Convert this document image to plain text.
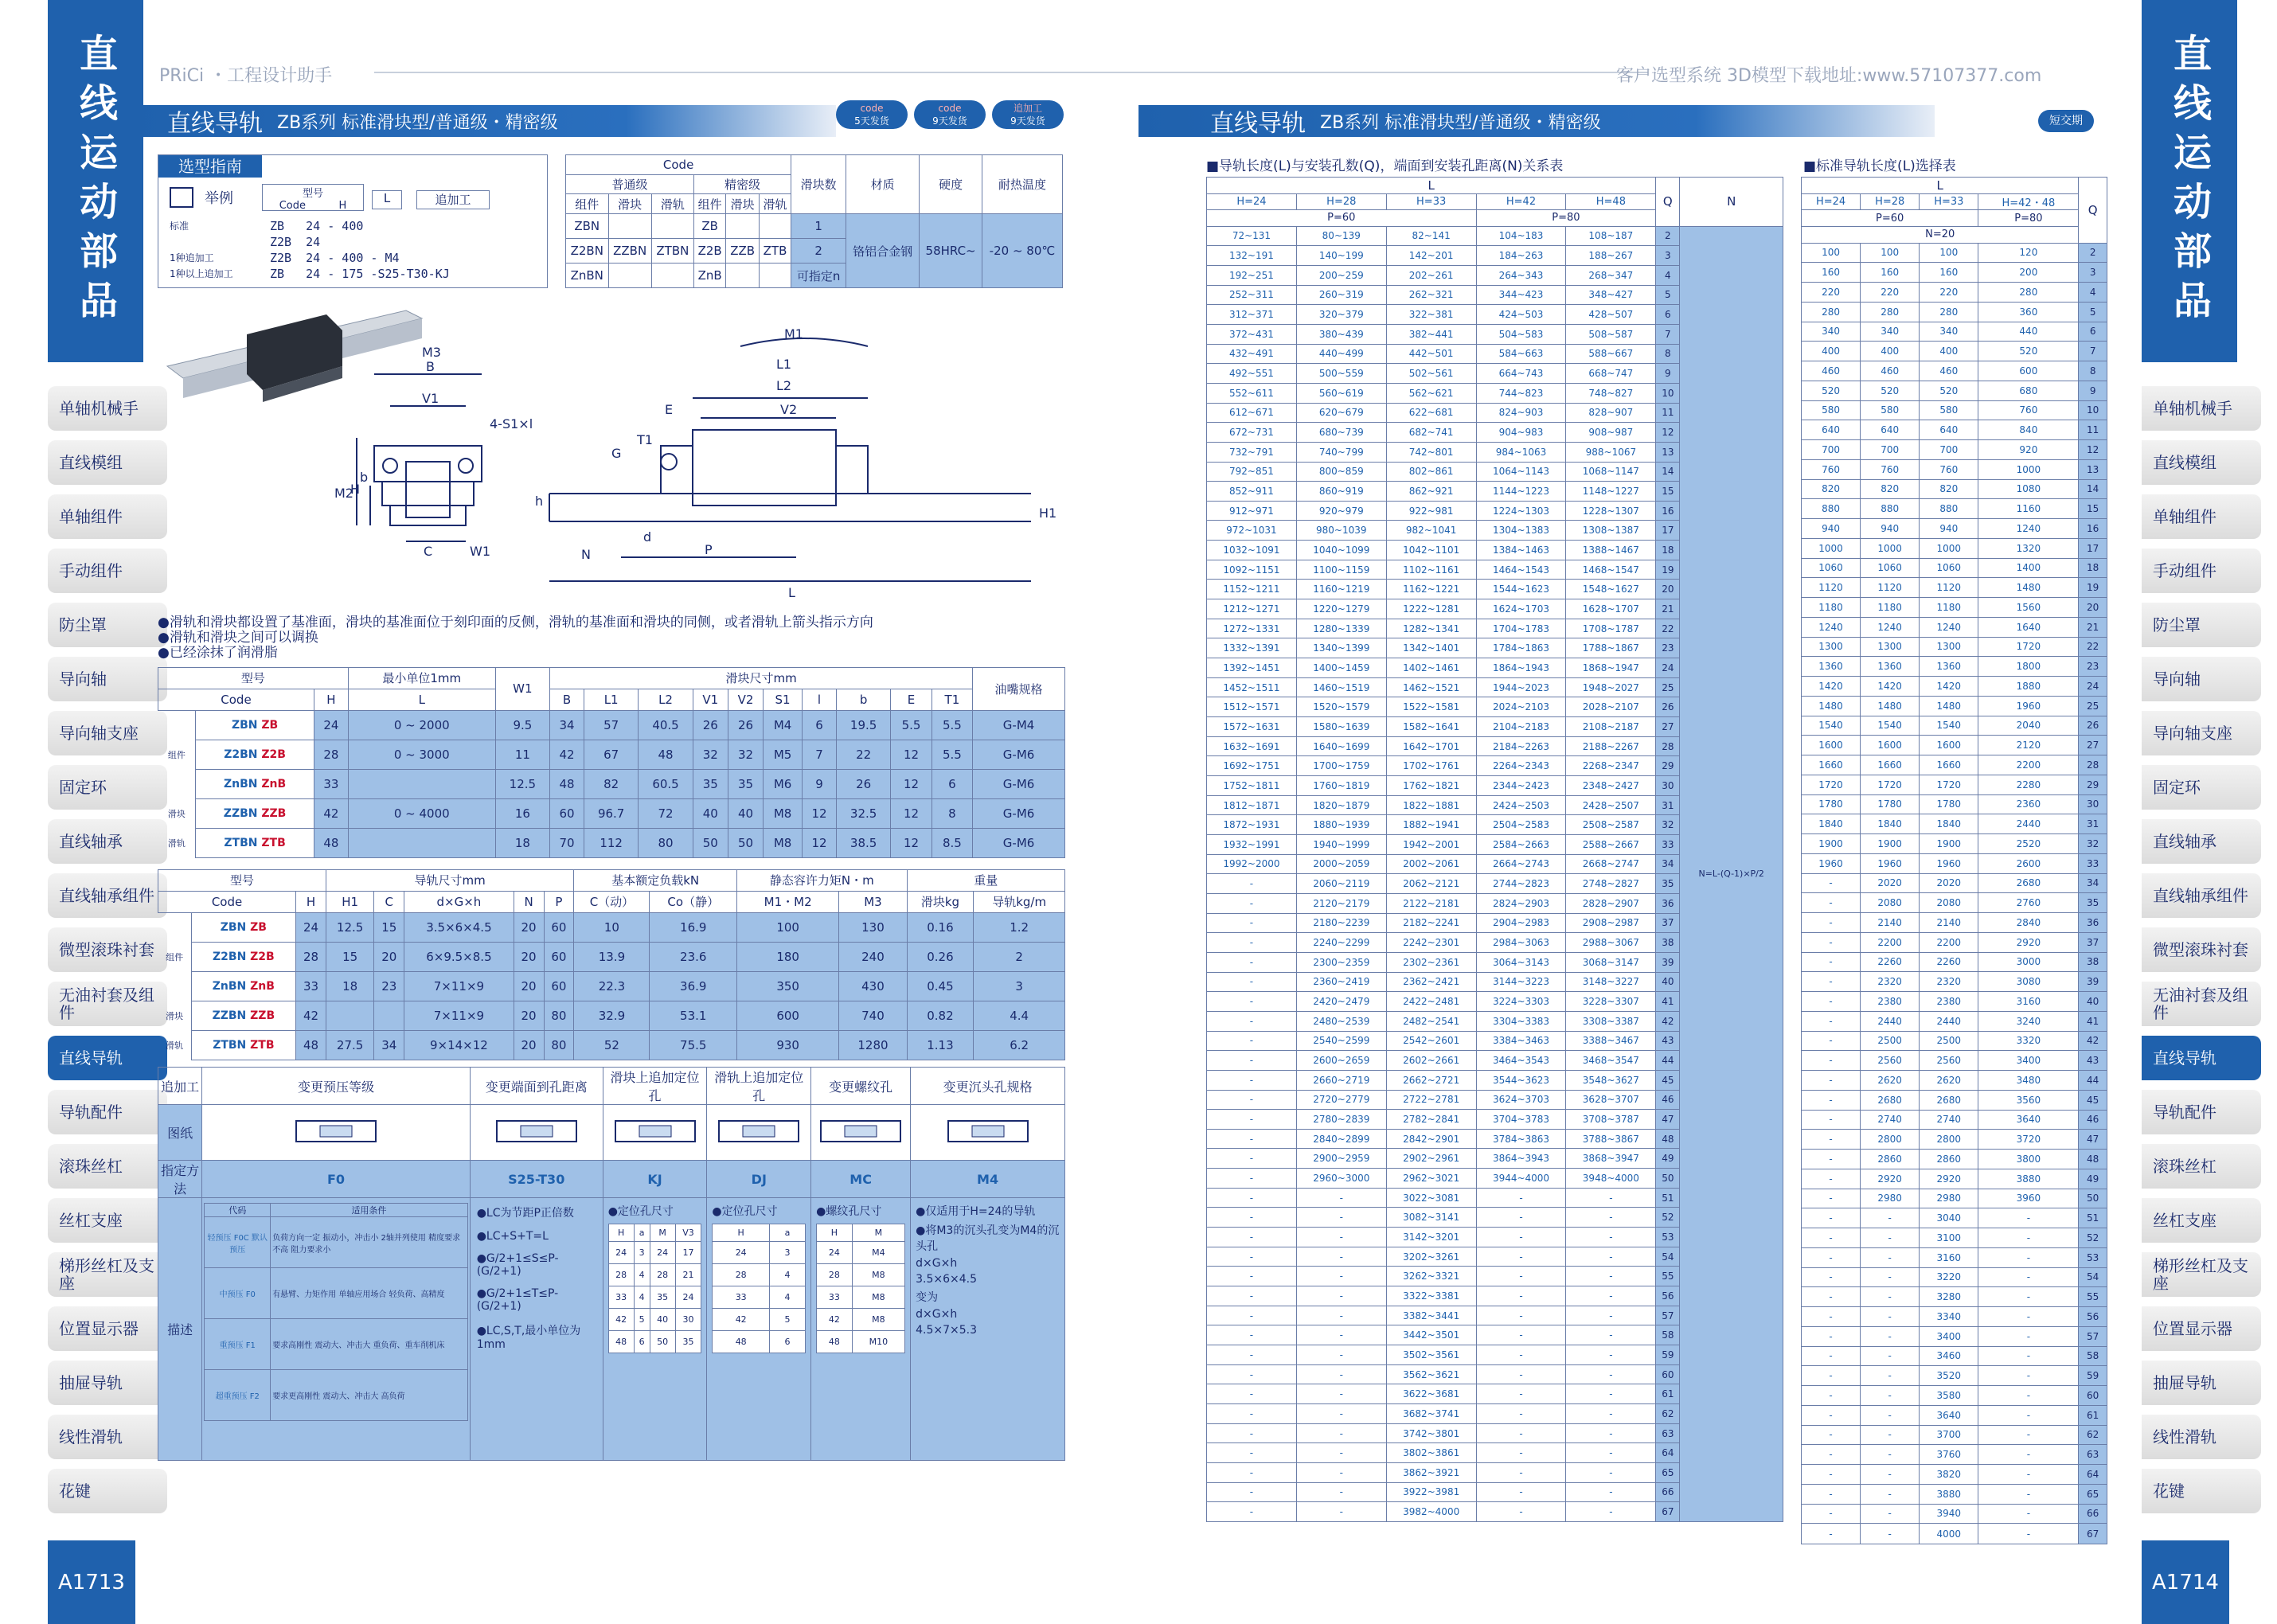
直线运动部品
单轴机械手
直线模组
单轴组件
手动组件
防尘罩
导向轴
导向轴支座
固定环
直线轴承
直线轴承组件
微型滚珠衬套
无油衬套及组件
直线导轨
导轨配件
滚珠丝杠
丝杠支座
梯形丝杠及支座
位置显示器
抽屉导轨
线性滑轨
花键
A1713
直线运动部品
单轴机械手
直线模组
单轴组件
手动组件
防尘罩
导向轴
导向轴支座
固定环
直线轴承
直线轴承组件
微型滚珠衬套
无油衬套及组件
直线导轨
导轨配件
滚珠丝杠
丝杠支座
梯形丝杠及支座
位置显示器
抽屉导轨
线性滑轨
花键
A1714
PRiCi ・工程设计助手	客户选型系统 3D模型下载地址:www.57107377.com
直线导轨 ZB系列 标准滑块型/普通级・精密级
code
5天发货
code
9天发货
追加工
9天发货
选型指南
举例	型号
Code	H
L	追加工
标准	ZB   24 - 400
Z2B  24
1种追加工	Z2B  24 - 400 - M4
1种以上追加工	ZB   24 - 175 -S25-T30-KJ
Code						滑块数	材质	硬度	耐热温度
普通级			精密级						
组件	滑块	滑轨	组件	滑块	滑轨				
ZBN			ZB			1	铬铝合金钢	58HRC~	-20 ~ 80℃
Z2BN	ZZBN	ZTBN	Z2B	ZZB	ZTB	2			
ZnBN			ZnB			可指定n			
M3
B
V1
4-S1×l
M2
H
b
C	W1
M1
L1
L2
E	V2
G
T1
h
H1
N
d
P
L
●滑轨和滑块都设置了基准面，滑块的基准面位于刻印面的反侧，滑轨的基准面和滑块的同侧，或者滑轨上箭头指示方向
●滑轨和滑块之间可以调换
●已经涂抹了润滑脂
型号			最小单位1mm	W1	滑块尺寸mm										油嘴规格
Code		H	L		B	L1	L2	V1	V2	S1	l	b	E	T1	
	ZBN ZB	24	0 ~ 2000	9.5	34	57	40.5	26	26	M4	6	19.5	5.5	5.5	G-M4
组件	Z2BN Z2B	28	0 ~ 3000	11	42	67	48	32	32	M5	7	22	12	5.5	G-M6
	ZnBN ZnB	33		12.5	48	82	60.5	35	35	M6	9	26	12	6	G-M6
滑块	ZZBN ZZB	42	0 ~ 4000	16	60	96.7	72	40	40	M8	12	32.5	12	8	G-M6
滑轨	ZTBN ZTB	48		18	70	112	80	50	50	M8	12	38.5	12	8.5	G-M6
型号			导轨尺寸mm					基本额定负载kN		静态容许力矩N・m		重量	
Code		H	H1	C	d×G×h	N	P	C（动）	Co（静）	M1・M2	M3	滑块kg	导轨kg/m
	ZBN ZB	24	12.5	15	3.5×6×4.5	20	60	10	16.9	100	130	0.16	1.2
组件	Z2BN Z2B	28	15	20	6×9.5×8.5	20	60	13.9	23.6	180	240	0.26	2
	ZnBN ZnB	33	18	23	7×11×9	20	60	22.3	36.9	350	430	0.45	3
滑块	ZZBN ZZB	42			7×11×9	20	80	32.9	53.1	600	740	0.82	4.4
滑轨	ZTBN ZTB	48	27.5	34	9×14×12	20	80	52	75.5	930	1280	1.13	6.2
追加工	变更预压等级	变更端面到孔距离	滑块上追加定位孔	滑轨上追加定位孔	变更螺纹孔	变更沉头孔规格
图纸						
指定方法	F0	S25-T30	KJ	DJ	MC	M4
描述	
代码	适用条件
轻预压 F0C 默认预压	负荷方向一定 振动小，冲击小 2轴并列使用 精度要求不高 阻力要求小
中预压 F0	有悬臂、力矩作用 单轴应用场合 轻负荷、高精度
重预压 F1	要求高刚性 震动大、冲击大 重负荷、重车削机床
超重预压 F2	要求更高刚性 震动大、冲击大 高负荷

●LC为节距P正倍数
●LC+S+T=L
●G/2+1≤S≤P-(G/2+1)
●G/2+1≤T≤P-(G/2+1)
●LC,S,T,最小单位为1mm

●定位孔尺寸
H	a	M	V3
24	3	24	17
28	4	28	21
33	4	35	24
42	5	40	30
48	6	50	35

●定位孔尺寸
H	a
24	3
28	4
33	4
42	5
48	6

●螺纹孔尺寸
H	M
24	M4
28	M8
33	M8
42	M8
48	M10

●仅适用于H=24的导轨
●将M3的沉头孔变为M4的沉头孔
d×G×h
3.5×6×4.5
变为
d×G×h
4.5×7×5.3
直线导轨 ZB系列 标准滑块型/普通级・精密级	短交期
■导轨长度(L)与安装孔数(Q)，端面到安装孔距离(N)关系表	■标准导轨长度(L)选择表
L					Q	N
H=24	H=28	H=33	H=42	H=48		
P=60			P=80			
72~131	80~139	82~141	104~183	108~187	2	N=L-(Q-1)×P/2
132~191	140~199	142~201	184~263	188~267	3	
192~251	200~259	202~261	264~343	268~347	4	
252~311	260~319	262~321	344~423	348~427	5	
312~371	320~379	322~381	424~503	428~507	6	
372~431	380~439	382~441	504~583	508~587	7	
432~491	440~499	442~501	584~663	588~667	8	
492~551	500~559	502~561	664~743	668~747	9	
552~611	560~619	562~621	744~823	748~827	10	
612~671	620~679	622~681	824~903	828~907	11	
672~731	680~739	682~741	904~983	908~987	12	
732~791	740~799	742~801	984~1063	988~1067	13	
792~851	800~859	802~861	1064~1143	1068~1147	14	
852~911	860~919	862~921	1144~1223	1148~1227	15	
912~971	920~979	922~981	1224~1303	1228~1307	16	
972~1031	980~1039	982~1041	1304~1383	1308~1387	17	
1032~1091	1040~1099	1042~1101	1384~1463	1388~1467	18	
1092~1151	1100~1159	1102~1161	1464~1543	1468~1547	19	
1152~1211	1160~1219	1162~1221	1544~1623	1548~1627	20	
1212~1271	1220~1279	1222~1281	1624~1703	1628~1707	21	
1272~1331	1280~1339	1282~1341	1704~1783	1708~1787	22	
1332~1391	1340~1399	1342~1401	1784~1863	1788~1867	23	
1392~1451	1400~1459	1402~1461	1864~1943	1868~1947	24	
1452~1511	1460~1519	1462~1521	1944~2023	1948~2027	25	
1512~1571	1520~1579	1522~1581	2024~2103	2028~2107	26	
1572~1631	1580~1639	1582~1641	2104~2183	2108~2187	27	
1632~1691	1640~1699	1642~1701	2184~2263	2188~2267	28	
1692~1751	1700~1759	1702~1761	2264~2343	2268~2347	29	
1752~1811	1760~1819	1762~1821	2344~2423	2348~2427	30	
1812~1871	1820~1879	1822~1881	2424~2503	2428~2507	31	
1872~1931	1880~1939	1882~1941	2504~2583	2508~2587	32	
1932~1991	1940~1999	1942~2001	2584~2663	2588~2667	33	
1992~2000	2000~2059	2002~2061	2664~2743	2668~2747	34	
-	2060~2119	2062~2121	2744~2823	2748~2827	35	
-	2120~2179	2122~2181	2824~2903	2828~2907	36	
-	2180~2239	2182~2241	2904~2983	2908~2987	37	
-	2240~2299	2242~2301	2984~3063	2988~3067	38	
-	2300~2359	2302~2361	3064~3143	3068~3147	39	
-	2360~2419	2362~2421	3144~3223	3148~3227	40	
-	2420~2479	2422~2481	3224~3303	3228~3307	41	
-	2480~2539	2482~2541	3304~3383	3308~3387	42	
-	2540~2599	2542~2601	3384~3463	3388~3467	43	
-	2600~2659	2602~2661	3464~3543	3468~3547	44	
-	2660~2719	2662~2721	3544~3623	3548~3627	45	
-	2720~2779	2722~2781	3624~3703	3628~3707	46	
-	2780~2839	2782~2841	3704~3783	3708~3787	47	
-	2840~2899	2842~2901	3784~3863	3788~3867	48	
-	2900~2959	2902~2961	3864~3943	3868~3947	49	
-	2960~3000	2962~3021	3944~4000	3948~4000	50	
-	-	3022~3081	-	-	51	
-	-	3082~3141	-	-	52	
-	-	3142~3201	-	-	53	
-	-	3202~3261	-	-	54	
-	-	3262~3321	-	-	55	
-	-	3322~3381	-	-	56	
-	-	3382~3441	-	-	57	
-	-	3442~3501	-	-	58	
-	-	3502~3561	-	-	59	
-	-	3562~3621	-	-	60	
-	-	3622~3681	-	-	61	
-	-	3682~3741	-	-	62	
-	-	3742~3801	-	-	63	
-	-	3802~3861	-	-	64	
-	-	3862~3921	-	-	65	
-	-	3922~3981	-	-	66	
-	-	3982~4000	-	-	67	
L				Q
H=24	H=28	H=33	H=42・48	
P=60			P=80	
N=20				
100	100	100	120	2
160	160	160	200	3
220	220	220	280	4
280	280	280	360	5
340	340	340	440	6
400	400	400	520	7
460	460	460	600	8
520	520	520	680	9
580	580	580	760	10
640	640	640	840	11
700	700	700	920	12
760	760	760	1000	13
820	820	820	1080	14
880	880	880	1160	15
940	940	940	1240	16
1000	1000	1000	1320	17
1060	1060	1060	1400	18
1120	1120	1120	1480	19
1180	1180	1180	1560	20
1240	1240	1240	1640	21
1300	1300	1300	1720	22
1360	1360	1360	1800	23
1420	1420	1420	1880	24
1480	1480	1480	1960	25
1540	1540	1540	2040	26
1600	1600	1600	2120	27
1660	1660	1660	2200	28
1720	1720	1720	2280	29
1780	1780	1780	2360	30
1840	1840	1840	2440	31
1900	1900	1900	2520	32
1960	1960	1960	2600	33
-	2020	2020	2680	34
-	2080	2080	2760	35
-	2140	2140	2840	36
-	2200	2200	2920	37
-	2260	2260	3000	38
-	2320	2320	3080	39
-	2380	2380	3160	40
-	2440	2440	3240	41
-	2500	2500	3320	42
-	2560	2560	3400	43
-	2620	2620	3480	44
-	2680	2680	3560	45
-	2740	2740	3640	46
-	2800	2800	3720	47
-	2860	2860	3800	48
-	2920	2920	3880	49
-	2980	2980	3960	50
-	-	3040	-	51
-	-	3100	-	52
-	-	3160	-	53
-	-	3220	-	54
-	-	3280	-	55
-	-	3340	-	56
-	-	3400	-	57
-	-	3460	-	58
-	-	3520	-	59
-	-	3580	-	60
-	-	3640	-	61
-	-	3700	-	62
-	-	3760	-	63
-	-	3820	-	64
-	-	3880	-	65
-	-	3940	-	66
-	-	4000	-	67
